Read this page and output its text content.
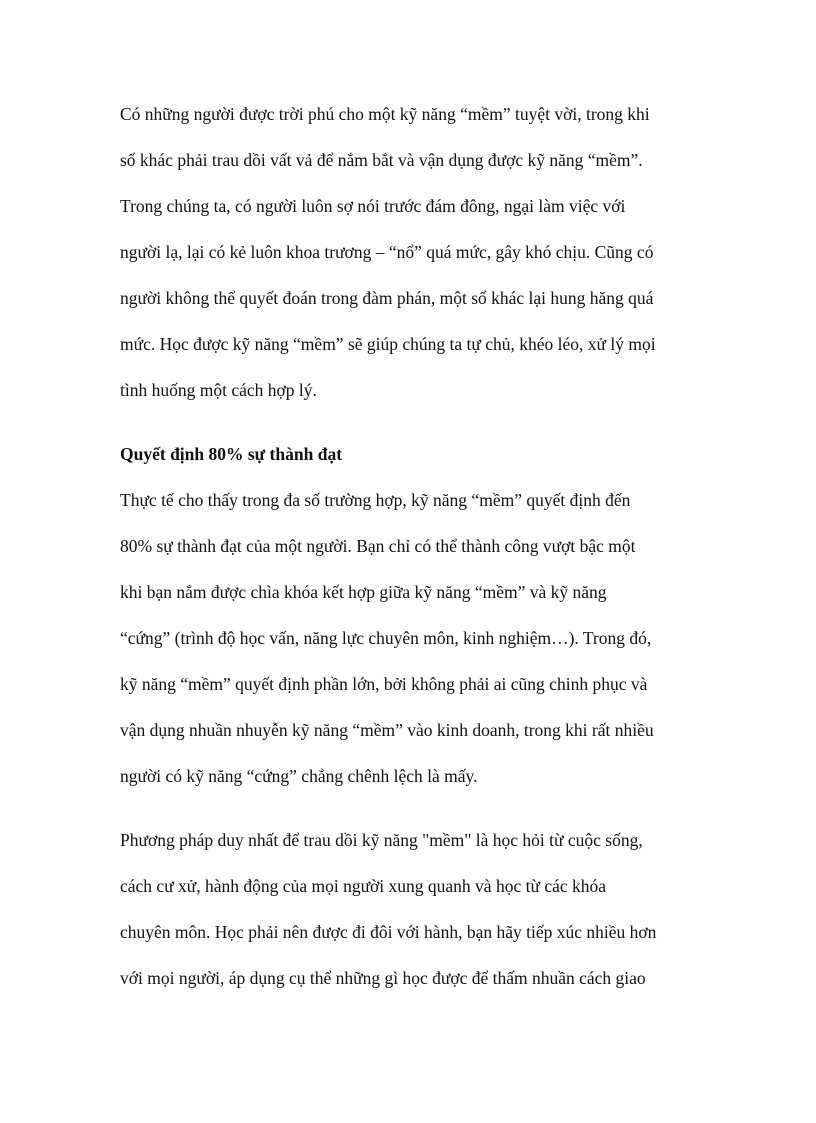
Có những người được trời phú cho một kỹ năng “mềm” tuyệt vời, trong khi
số khác phải trau dồi vất vả để nắm bắt và vận dụng được kỹ năng “mềm”.
Trong chúng ta, có người luôn sợ nói trước đám đông, ngại làm việc với
người lạ, lại có kẻ luôn khoa trương – “nổ” quá mức, gây khó chịu. Cũng có
người không thể quyết đoán trong đàm phán, một số khác lại hung hăng quá
mức. Học được kỹ năng “mềm” sẽ giúp chúng ta tự chủ, khéo léo, xử lý mọi
tình huống một cách hợp lý.
Quyết định 80% sự thành đạt
Thực tế cho thấy trong đa số trường hợp, kỹ năng “mềm” quyết định đến
80% sự thành đạt của một người. Bạn chỉ có thể thành công vượt bậc một
khi bạn nắm được chìa khóa kết hợp giữa kỹ năng “mềm” và kỹ năng
“cứng” (trình độ học vấn, năng lực chuyên môn, kinh nghiệm…). Trong đó,
kỹ năng “mềm” quyết định phần lớn, bởi không phải ai cũng chinh phục và
vận dụng nhuần nhuyễn kỹ năng “mềm” vào kinh doanh, trong khi rất nhiều
người có kỹ năng “cứng” chẳng chênh lệch là mấy.
Phương pháp duy nhất để trau dồi kỹ năng "mềm" là học hỏi từ cuộc sống,
cách cư xử, hành động của mọi người xung quanh và học từ các khóa
chuyên môn. Học phải nên được đi đôi với hành, bạn hãy tiếp xúc nhiều hơn
với mọi người, áp dụng cụ thể những gì học được để thấm nhuần cách giao
